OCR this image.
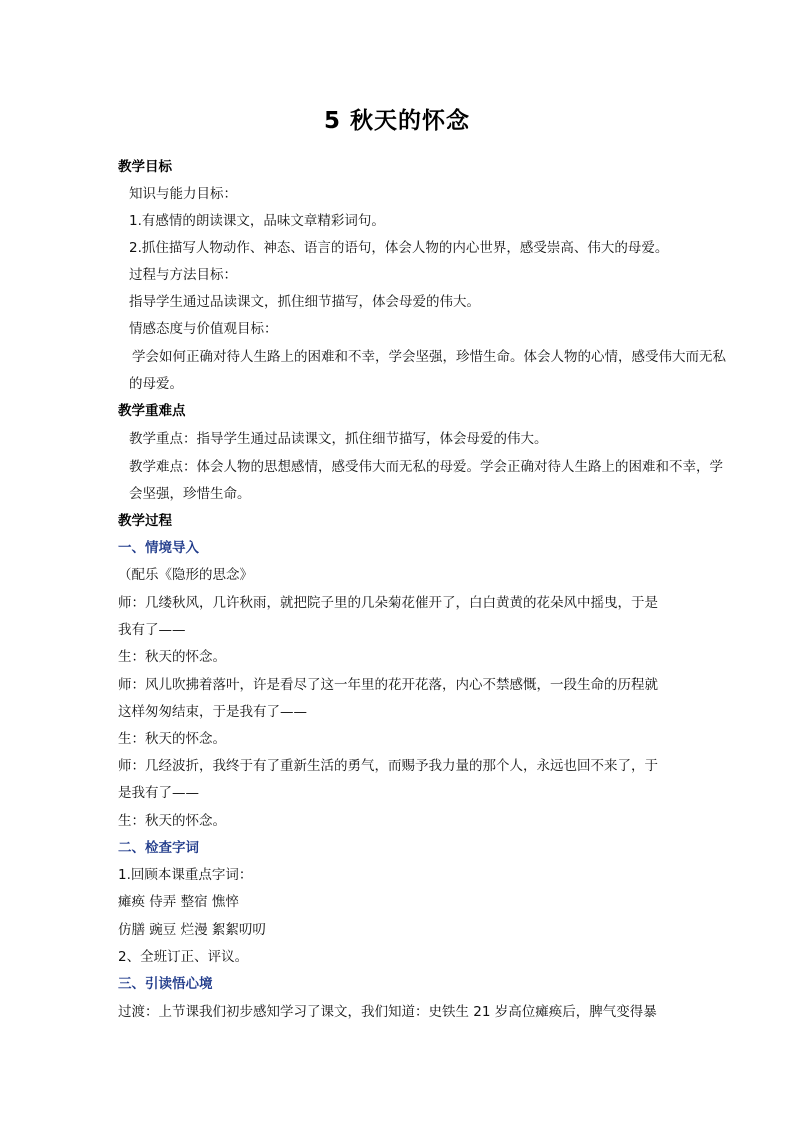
5 秋天的怀念
教学目标
知识与能力目标：
1.有感情的朗读课文，品味文章精彩词句。
2.抓住描写人物动作、神态、语言的语句，体会人物的内心世界，感受崇高、伟大的母爱。
过程与方法目标：
指导学生通过品读课文，抓住细节描写，体会母爱的伟大。
情感态度与价值观目标：
学会如何正确对待人生路上的困难和不幸，学会坚强，珍惜生命。体会人物的心情，感受伟大而无私
的母爱。
教学重难点
教学重点：指导学生通过品读课文，抓住细节描写，体会母爱的伟大。
教学难点：体会人物的思想感情，感受伟大而无私的母爱。学会正确对待人生路上的困难和不幸，学
会坚强，珍惜生命。
教学过程
一、情境导入
（配乐《隐形的思念》
师：几缕秋风，几许秋雨，就把院子里的几朵菊花催开了，白白黄黄的花朵风中摇曳，于是
我有了——
生：秋天的怀念。
师：风儿吹拂着落叶，许是看尽了这一年里的花开花落，内心不禁感慨，一段生命的历程就
这样匆匆结束，于是我有了——
生：秋天的怀念。
师：几经波折，我终于有了重新生活的勇气，而赐予我力量的那个人，永远也回不来了，于
是我有了——
生：秋天的怀念。
二、检查字词
1.回顾本课重点字词：
瘫痪 侍弄 整宿 憔悴
仿膳 豌豆 烂漫 絮絮叨叨
2、全班订正、评议。
三、引读悟心境
过渡：上节课我们初步感知学习了课文，我们知道：史铁生 21 岁高位瘫痪后，脾气变得暴
